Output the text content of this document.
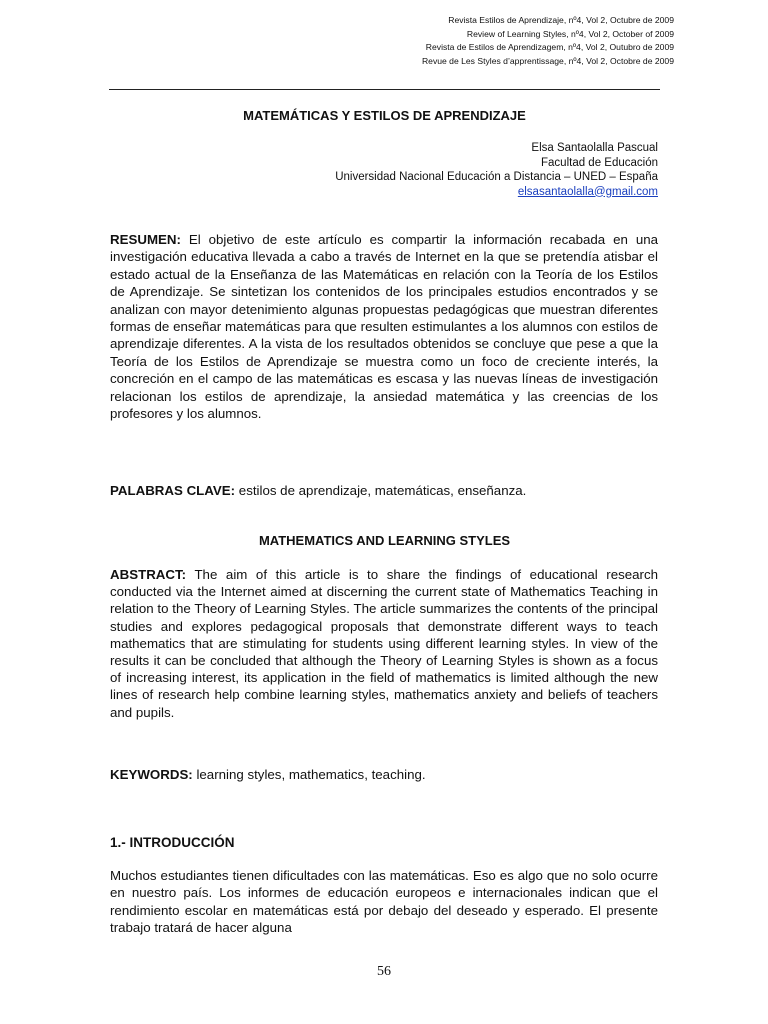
Revista Estilos de Aprendizaje, nº4, Vol 2, Octubre de 2009
Review of Learning Styles, nº4, Vol 2, October of 2009
Revista de Estilos de Aprendizagem, nº4, Vol 2, Outubro de 2009
Revue de Les Styles d’apprentissage, nº4, Vol 2, Octobre de 2009
MATEMÁTICAS Y ESTILOS DE APRENDIZAJE
Elsa Santaolalla Pascual
Facultad de Educación
Universidad Nacional Educación a Distancia – UNED – España
elsasantaolalla@gmail.com

RESUMEN: El objetivo de este artículo es compartir la información recabada en una investigación educativa llevada a cabo a través de Internet en la que se pretendía atisbar el estado actual de la Enseñanza de las Matemáticas en relación con la Teoría de los Estilos de Aprendizaje. Se sintetizan los contenidos de los principales estudios encontrados y se analizan con mayor detenimiento algunas propuestas pedagógicas que muestran diferentes formas de enseñar matemáticas para que resulten estimulantes a los alumnos con estilos de aprendizaje diferentes. A la vista de los resultados obtenidos se concluye que pese a que la Teoría de los Estilos de Aprendizaje se muestra como un foco de creciente interés, la concreción en el campo de las matemáticas es escasa y las nuevas líneas de investigación relacionan los estilos de aprendizaje, la ansiedad matemática y las creencias de los profesores y los alumnos.

PALABRAS CLAVE: estilos de aprendizaje, matemáticas, enseñanza.

MATHEMATICS AND LEARNING STYLES

ABSTRACT: The aim of this article is to share the findings of educational research conducted via the Internet aimed at discerning the current state of Mathematics Teaching in relation to the Theory of Learning Styles. The article summarizes the contents of the principal studies and explores pedagogical proposals that demonstrate different ways to teach mathematics that are stimulating for students using different learning styles. In view of the results it can be concluded that although the Theory of Learning Styles is shown as a focus of increasing interest, its application in the field of mathematics is limited although the new lines of research help combine learning styles, mathematics anxiety and beliefs of teachers and pupils.

KEYWORDS: learning styles, mathematics, teaching.

1.- INTRODUCCIÓN

Muchos estudiantes tienen dificultades con las matemáticas. Eso es algo que no solo ocurre en nuestro país. Los informes de educación europeos e internacionales indican que el rendimiento escolar en matemáticas está por debajo del deseado y esperado. El presente trabajo tratará de hacer alguna

56
